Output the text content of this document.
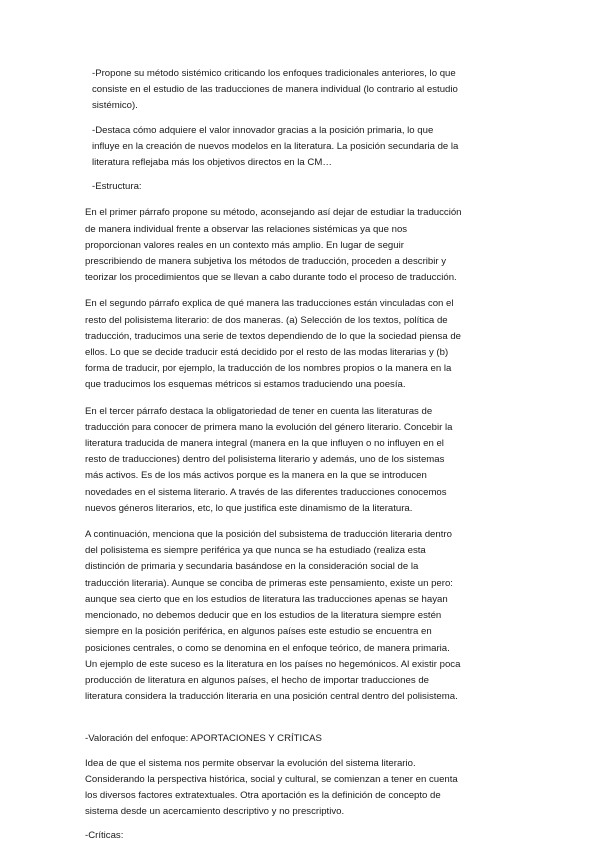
-Propone su método sistémico criticando los enfoques tradicionales anteriores, lo que consiste en el estudio de las traducciones de manera individual (lo contrario al estudio sistémico).

-Destaca cómo adquiere el valor innovador gracias a la posición primaria, lo que influye en la creación de nuevos modelos en la literatura. La posición secundaria de la literatura reflejaba más los objetivos directos en la CM…

-Estructura:

En el primer párrafo propone su método, aconsejando así dejar de estudiar la traducción de manera individual frente a observar las relaciones sistémicas ya que nos proporcionan valores reales en un contexto más amplio. En lugar de seguir prescribiendo de manera subjetiva los métodos de traducción, proceden a describir y teorizar los procedimientos que se llevan a cabo durante todo el proceso de traducción.

En el segundo párrafo explica de qué manera las traducciones están vinculadas con el resto del polisistema literario: de dos maneras. (a) Selección de los textos, política de traducción, traducimos una serie de textos dependiendo de lo que la sociedad piensa de ellos. Lo que se decide traducir está decidido por el resto de las modas literarias y (b) forma de traducir, por ejemplo, la traducción de los nombres propios o la manera en la que traducimos los esquemas métricos si estamos traduciendo una poesía.

En el tercer párrafo destaca la obligatoriedad de tener en cuenta las literaturas de traducción para conocer de primera mano la evolución del género literario. Concebir la literatura traducida de manera integral (manera en la que influyen o no influyen en el resto de traducciones) dentro del polisistema literario y además, uno de los sistemas más activos. Es de los más activos porque es la manera en la que se introducen novedades en el sistema literario. A través de las diferentes traducciones conocemos nuevos géneros literarios, etc, lo que justifica este dinamismo de la literatura.

A continuación, menciona que la posición del subsistema de traducción literaria dentro del polisistema es siempre periférica ya que nunca se ha estudiado (realiza esta distinción de primaria y secundaria basándose en la consideración social de la traducción literaria). Aunque se conciba de primeras este pensamiento, existe un pero: aunque sea cierto que en los estudios de literatura las traducciones apenas se hayan mencionado, no debemos deducir que en los estudios de la literatura siempre estén siempre en la posición periférica, en algunos países este estudio se encuentra en posiciones centrales, o como se denomina en el enfoque teórico, de manera primaria. Un ejemplo de este suceso es la literatura en los países no hegemónicos. Al existir poca producción de literatura en algunos países, el hecho de importar traducciones de literatura considera la traducción literaria en una posición central dentro del polisistema.

-Valoración del enfoque: APORTACIONES Y CRÍTICAS

Idea de que el sistema nos permite observar la evolución del sistema literario. Considerando la perspectiva histórica, social y cultural, se comienzan a tener en cuenta los diversos factores extratextuales. Otra aportación es la definición de concepto de sistema desde un acercamiento descriptivo y no prescriptivo.

-Críticas:
